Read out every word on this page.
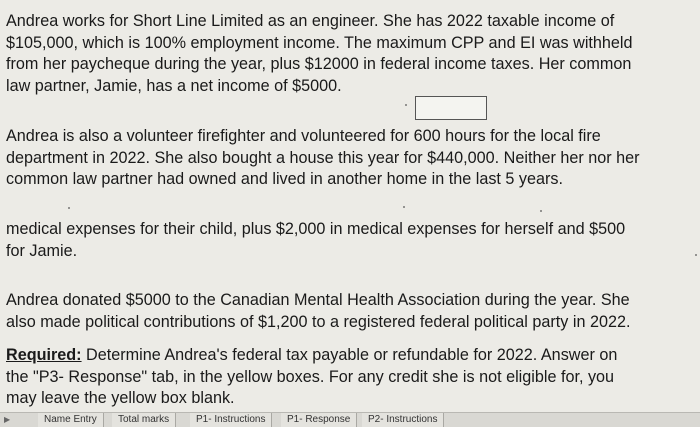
Andrea works for Short Line Limited as an engineer. She has 2022 taxable income of
$105,000, which is 100% employment income. The maximum CPP and EI was withheld
from her paycheque during the year, plus $12000 in federal income taxes. Her common
law partner, Jamie, has a net income of $5000.

Andrea is also a volunteer firefighter and volunteered for 600 hours for the local fire
department in 2022. She also bought a house this year for $440,000. Neither her nor her
common law partner had owned and lived in another home in the last 5 years.

medical expenses for their child, plus $2,000 in medical expenses for herself and $500
for Jamie.

Andrea donated $5000 to the Canadian Mental Health Association during the year. She
also made political contributions of $1,200 to a registered federal political party in 2022.

Required: Determine Andrea's federal tax payable or refundable for 2022. Answer on
the "P3- Response" tab, in the yellow boxes. For any credit she is not eligible for, you
may leave the yellow box blank.

▶	Name Entry	Total marks	P1- Instructions	P1- Response	P2- Instructions
